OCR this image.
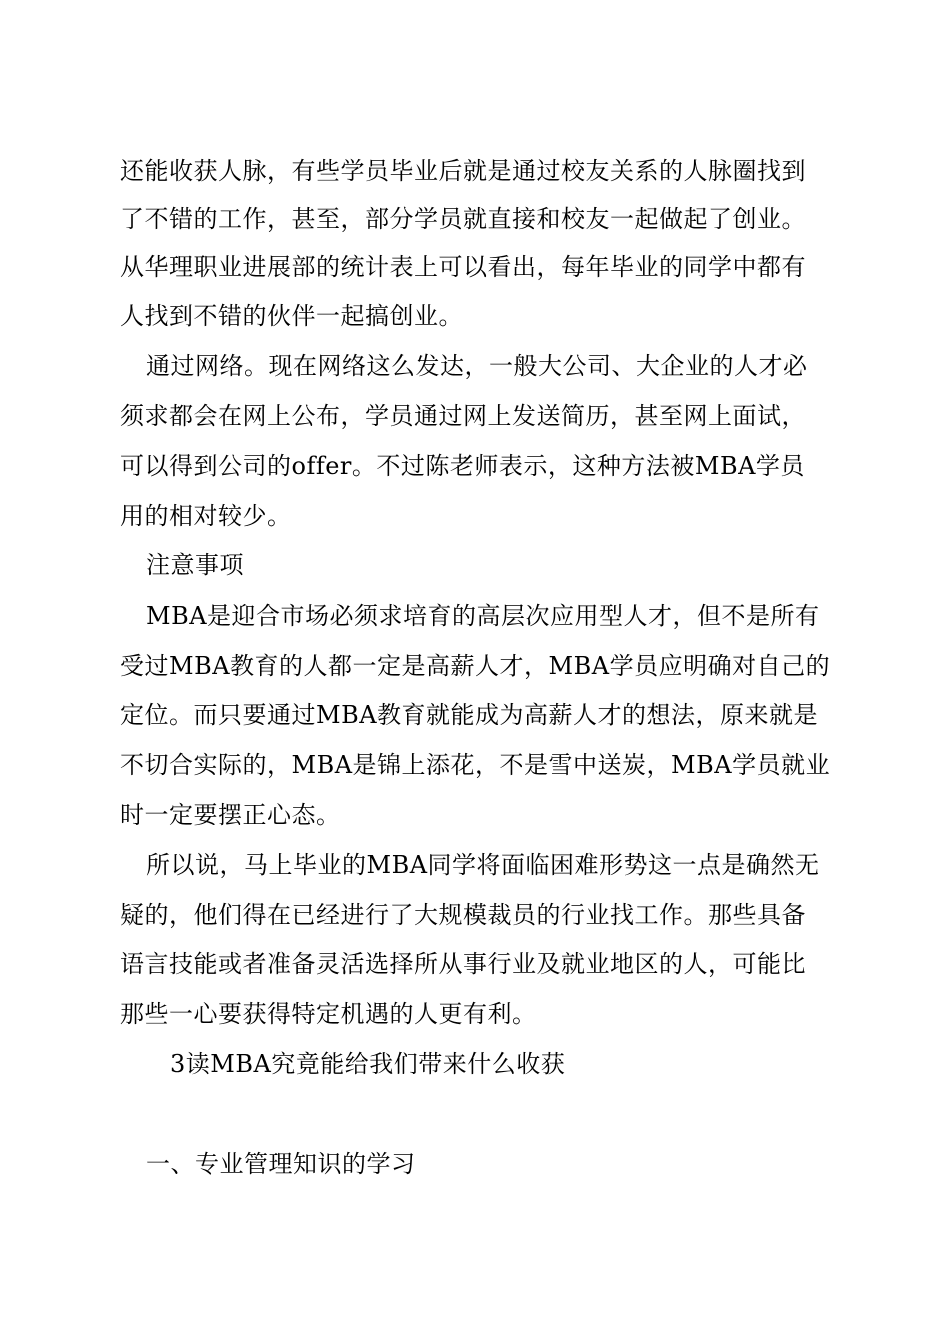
还能收获人脉，有些学员毕业后就是通过校友关系的人脉圈找到
了不错的工作，甚至，部分学员就直接和校友一起做起了创业。
从华理职业进展部的统计表上可以看出，每年毕业的同学中都有
人找到不错的伙伴一起搞创业。
通过网络。现在网络这么发达，一般大公司、大企业的人才必
须求都会在网上公布，学员通过网上发送简历，甚至网上面试，
可以得到公司的offer。不过陈老师表示，这种方法被MBA学员
用的相对较少。
注意事项
MBA是迎合市场必须求培育的高层次应用型人才，但不是所有
受过MBA教育的人都一定是高薪人才，MBA学员应明确对自己的
定位。而只要通过MBA教育就能成为高薪人才的想法，原来就是
不切合实际的，MBA是锦上添花，不是雪中送炭，MBA学员就业
时一定要摆正心态。
所以说，马上毕业的MBA同学将面临困难形势这一点是确然无
疑的，他们得在已经进行了大规模裁员的行业找工作。那些具备
语言技能或者准备灵活选择所从事行业及就业地区的人，可能比
那些一心要获得特定机遇的人更有利。
3读MBA究竟能给我们带来什么收获
一、专业管理知识的学习
